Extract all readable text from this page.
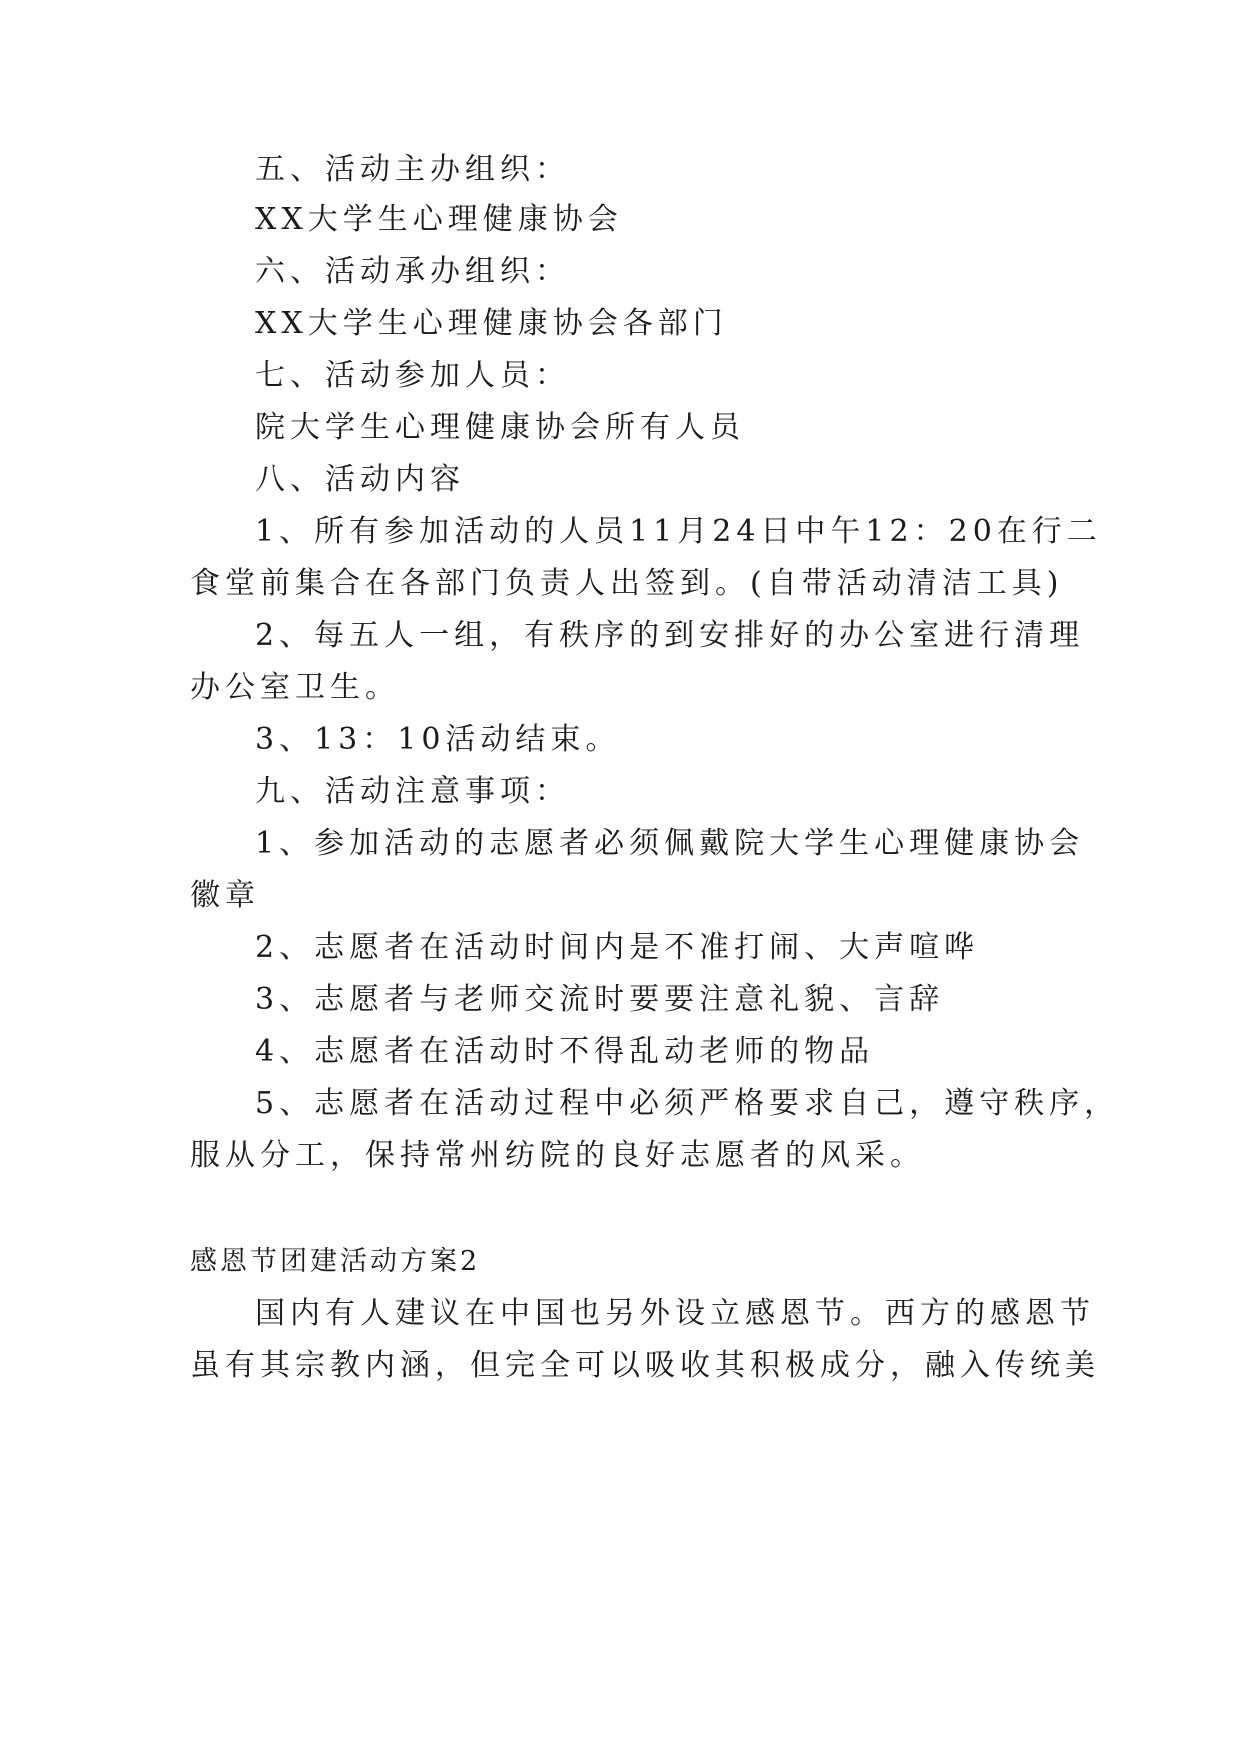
五、活动主办组织：
XX大学生心理健康协会
六、活动承办组织：
XX大学生心理健康协会各部门
七、活动参加人员：
院大学生心理健康协会所有人员
八、活动内容
1、所有参加活动的人员11月24日中午12：20在行二
食堂前集合在各部门负责人出签到。(自带活动清洁工具)
2、每五人一组，有秩序的到安排好的办公室进行清理
办公室卫生。
3、13：10活动结束。
九、活动注意事项：
1、参加活动的志愿者必须佩戴院大学生心理健康协会
徽章
2、志愿者在活动时间内是不准打闹、大声喧哗
3、志愿者与老师交流时要要注意礼貌、言辞
4、志愿者在活动时不得乱动老师的物品
5、志愿者在活动过程中必须严格要求自己，遵守秩序，
服从分工，保持常州纺院的良好志愿者的风采。
感恩节团建活动方案2
国内有人建议在中国也另外设立感恩节。西方的感恩节
虽有其宗教内涵，但完全可以吸收其积极成分，融入传统美
